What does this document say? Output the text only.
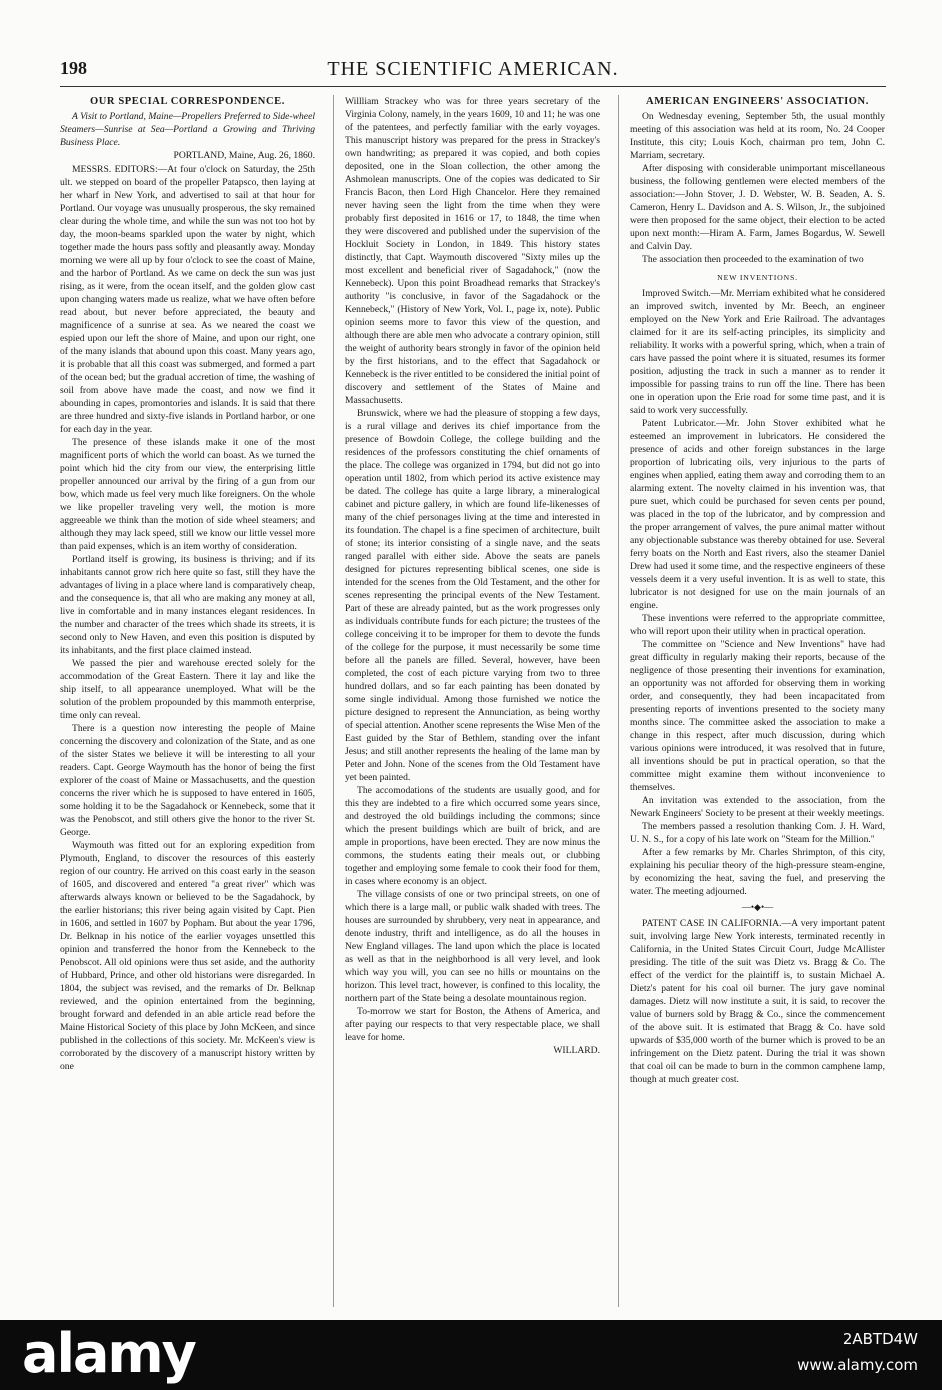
198	THE SCIENTIFIC AMERICAN.
OUR SPECIAL CORRESPONDENCE.
A Visit to Portland, Maine—Propellers Preferred to Side-wheel Steamers—Sunrise at Sea—Portland a Growing and Thriving Business Place.
PORTLAND, Maine, Aug. 26, 1860.

MESSRS. EDITORS:—At four o'clock on Saturday, the 25th ult. we stepped on board of the propeller Patapsco, then laying at her wharf in New York, and advertised to sail at that hour for Portland. Our voyage was unusually prosperous, the sky remained clear during the whole time, and while the sun was not too hot by day, the moon-beams sparkled upon the water by night, which together made the hours pass softly and pleasantly away. Monday morning we were all up by four o'clock to see the coast of Maine, and the harbor of Portland. As we came on deck the sun was just rising, as it were, from the ocean itself, and the golden glow cast upon changing waters made us realize, what we have often before read about, but never before appreciated, the beauty and magnificence of a sunrise at sea. As we neared the coast we espied upon our left the shore of Maine, and upon our right, one of the many islands that abound upon this coast. Many years ago, it is probable that all this coast was submerged, and formed a part of the ocean bed; but the gradual accretion of time, the washing of soil from above have made the coast, and now we find it abounding in capes, promontories and islands. It is said that there are three hundred and sixty-five islands in Portland harbor, or one for each day in the year.

The presence of these islands make it one of the most magnificent ports of which the world can boast. As we turned the point which hid the city from our view, the enterprising little propeller announced our arrival by the firing of a gun from our bow, which made us feel very much like foreigners. On the whole we like propeller traveling very well, the motion is more aggreeable we think than the motion of side wheel steamers; and although they may lack speed, still we know our little vessel more than paid expenses, which is an item worthy of consideration.

Portland itself is growing, its business is thriving; and if its inhabitants cannot grow rich here quite so fast, still they have the advantages of living in a place where land is comparatively cheap, and the consequence is, that all who are making any money at all, live in comfortable and in many instances elegant residences. In the number and character of the trees which shade its streets, it is second only to New Haven, and even this position is disputed by its inhabitants, and the first place claimed instead.

We passed the pier and warehouse erected solely for the accommodation of the Great Eastern. There it lay and like the ship itself, to all appearance unemployed. What will be the solution of the problem propounded by this mammoth enterprise, time only can reveal.

There is a question now interesting the people of Maine concerning the discovery and colonization of the State, and as one of the sister States we believe it will be interesting to all your readers. Capt. George Waymouth has the honor of being the first explorer of the coast of Maine or Massachusetts, and the question concerns the river which he is supposed to have entered in 1605, some holding it to be the Sagadahock or Kennebeck, some that it was the Penobscot, and still others give the honor to the river St. George.

Waymouth was fitted out for an exploring expedition from Plymouth, England, to discover the resources of this easterly region of our country. He arrived on this coast early in the season of 1605, and discovered and entered "a great river" which was afterwards always known or believed to be the Sagadahock, by the earlier historians; this river being again visited by Capt. Pien in 1606, and settled in 1607 by Popham. But about the year 1796, Dr. Belknap in his notice of the earlier voyages unsettled this opinion and transferred the honor from the Kennebeck to the Penobscot. All old opinions were thus set aside, and the authority of Hubbard, Prince, and other old historians were disregarded. In 1804, the subject was revised, and the remarks of Dr. Belknap reviewed, and the opinion entertained from the beginning, brought forward and defended in an able article read before the Maine Historical Society of this place by John McKeen, and since published in the collections of this society. Mr. McKeen's view is corroborated by the discovery of a manuscript history written by one

Willliam Strackey who was for three years secretary of the Virginia Colony, namely, in the years 1609, 10 and 11; he was one of the patentees, and perfectly familiar with the early voyages. This manuscript history was prepared for the press in Strackey's own handwriting; as prepared it was copied, and both copies deposited, one in the Sloan collection, the other among the Ashmolean manuscripts. One of the copies was dedicated to Sir Francis Bacon, then Lord High Chancelor. Here they remained never having seen the light from the time when they were probably first deposited in 1616 or 17, to 1848, the time when they were discovered and published under the supervision of the Hockluit Society in London, in 1849. This history states distinctly, that Capt. Waymouth discovered "Sixty miles up the most excellent and beneficial river of Sagadahock," (now the Kennebeck). Upon this point Broadhead remarks that Strackey's authority "is conclusive, in favor of the Sagadahock or the Kennebeck," (History of New York, Vol. I., page ix, note). Public opinion seems more to favor this view of the question, and although there are able men who advocate a contrary opinion, still the weight of authority bears strongly in favor of the opinion held by the first historians, and to the effect that Sagadahock or Kennebeck is the river entitled to be considered the initial point of discovery and settlement of the States of Maine and Massachusetts.

Brunswick, where we had the pleasure of stopping a few days, is a rural village and derives its chief importance from the presence of Bowdoin College, the college building and the residences of the professors constituting the chief ornaments of the place. The college was organized in 1794, but did not go into operation until 1802, from which period its active existence may be dated. The college has quite a large library, a mineralogical cabinet and picture gallery, in which are found life-likenesses of many of the chief personages living at the time and interested in its foundation. The chapel is a fine specimen of architecture, built of stone; its interior consisting of a single nave, and the seats ranged parallel with either side. Above the seats are panels designed for pictures representing biblical scenes, one side is intended for the scenes from the Old Testament, and the other for scenes representing the principal events of the New Testament. Part of these are already painted, but as the work progresses only as individuals contribute funds for each picture; the trustees of the college conceiving it to be improper for them to devote the funds of the college for the purpose, it must necessarily be some time before all the panels are filled. Several, however, have been completed, the cost of each picture varying from two to three hundred dollars, and so far each painting has been donated by some single individual. Among those furnished we notice the picture designed to represent the Annunciation, as being worthy of special attention. Another scene represents the Wise Men of the East guided by the Star of Bethlem, standing over the infant Jesus; and still another represents the healing of the lame man by Peter and John. None of the scenes from the Old Testament have yet been painted.

The accomodations of the students are usually good, and for this they are indebted to a fire which occurred some years since, and destroyed the old buildings including the commons; since which the present buildings which are built of brick, and are ample in proportions, have been erected. They are now minus the commons, the students eating their meals out, or clubbing together and employing some female to cook their food for them, in cases where economy is an object.

The village consists of one or two principal streets, on one of which there is a large mall, or public walk shaded with trees. The houses are surrounded by shrubbery, very neat in appearance, and denote industry, thrift and intelligence, as do all the houses in New England villages. The land upon which the place is located as well as that in the neighborhood is all very level, and look which way you will, you can see no hills or mountains on the horizon. This level tract, however, is confined to this locality, the northern part of the State being a desolate mountainous region.

To-morrow we start for Boston, the Athens of America, and after paying our respects to that very respectable place, we shall leave for home.

WILLARD.
AMERICAN ENGINEERS' ASSOCIATION.

On Wednesday evening, September 5th, the usual monthly meeting of this association was held at its room, No. 24 Cooper Institute, this city; Louis Koch, chairman pro tem, John C. Marriam, secretary.

After disposing with considerable unimportant miscellaneous business, the following gentlemen were elected members of the association:—John Stover, J. D. Webster, W. B. Seaden, A. S. Cameron, Henry L. Davidson and A. S. Wilson, Jr., the subjoined were then proposed for the same object, their election to be acted upon next month:—Hiram A. Farm, James Bogardus, W. Sewell and Calvin Day.

The association then proceeded to the examination of two

NEW INVENTIONS.

Improved Switch.—Mr. Merriam exhibited what he considered an improved switch, invented by Mr. Beech, an engineer employed on the New York and Erie Railroad. The advantages claimed for it are its self-acting principles, its simplicity and reliability. It works with a powerful spring, which, when a train of cars have passed the point where it is situated, resumes its former position, adjusting the track in such a manner as to render it impossible for passing trains to run off the line. There has been one in operation upon the Erie road for some time past, and it is said to work very successfully.

Patent Lubricator.—Mr. John Stover exhibited what he esteemed an improvement in lubricators. He considered the presence of acids and other foreign substances in the large proportion of lubricating oils, very injurious to the parts of engines when applied, eating them away and corroding them to an alarming extent. The novelty claimed in his invention was, that pure suet, which could be purchased for seven cents per pound, was placed in the top of the lubricator, and by compression and the proper arrangement of valves, the pure animal matter without any objectionable substance was thereby obtained for use. Several ferry boats on the North and East rivers, also the steamer Daniel Drew had used it some time, and the respective engineers of these vessels deem it a very useful invention. It is as well to state, this lubricator is not designed for use on the main journals of an engine.

These inventions were referred to the appropriate committee, who will report upon their utility when in practical operation.

The committee on "Science and New Inventions" have had great difficulty in regularly making their reports, because of the negligence of those presenting their inventions for examination, an opportunity was not afforded for observing them in working order, and consequently, they had been incapacitated from presenting reports of inventions presented to the society many months since. The committee asked the association to make a change in this respect, after much discussion, during which various opinions were introduced, it was resolved that in future, all inventions should be put in practical operation, so that the committee might examine them without inconvenience to themselves.

An invitation was extended to the association, from the Newark Engineers' Society to be present at their weekly meetings.

The members passed a resolution thanking Com. J. H. Ward, U. N. S., for a copy of his late work on "Steam for the Million."

After a few remarks by Mr. Charles Shrimpton, of this city, explaining his peculiar theory of the high-pressure steam-engine, by economizing the heat, saving the fuel, and preserving the water. The meeting adjourned.

—•◆•—

PATENT CASE IN CALIFORNIA.—A very important patent suit, involving large New York interests, terminated recently in California, in the United States Circuit Court, Judge McAllister presiding. The title of the suit was Dietz vs. Bragg & Co. The effect of the verdict for the plaintiff is, to sustain Michael A. Dietz's patent for his coal oil burner. The jury gave nominal damages. Dietz will now institute a suit, it is said, to recover the value of burners sold by Bragg & Co., since the commencement of the above suit. It is estimated that Bragg & Co. have sold upwards of $35,000 worth of the burner which is proved to be an infringement on the Dietz patent. During the trial it was shown that coal oil can be made to burn in the common camphene lamp, though at much greater cost.

alamy	2ABTD4W
www.alamy.com
